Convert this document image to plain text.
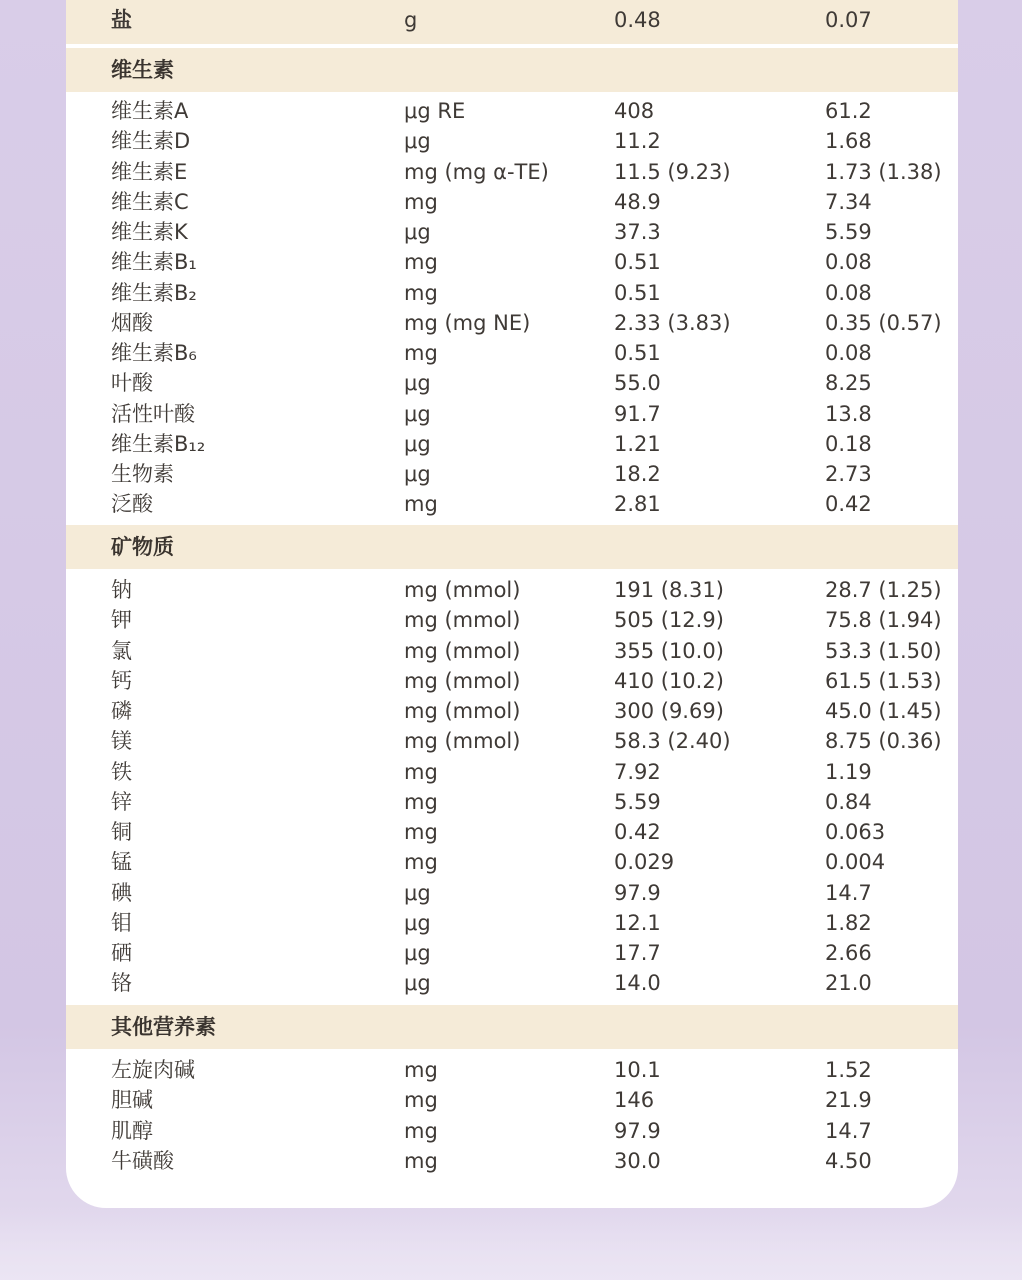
盐	g	0.48	0.07
维生素
维生素A	μg RE	408	61.2
维生素D	μg	11.2	1.68
维生素E	mg (mg α-TE)	11.5 (9.23)	1.73 (1.38)
维生素C	mg	48.9	7.34
维生素K	μg	37.3	5.59
维生素B₁	mg	0.51	0.08
维生素B₂	mg	0.51	0.08
烟酸	mg (mg NE)	2.33 (3.83)	0.35 (0.57)
维生素B₆	mg	0.51	0.08
叶酸	μg	55.0	8.25
活性叶酸	μg	91.7	13.8
维生素B₁₂	μg	1.21	0.18
生物素	μg	18.2	2.73
泛酸	mg	2.81	0.42
矿物质
钠	mg (mmol)	191 (8.31)	28.7 (1.25)
钾	mg (mmol)	505 (12.9)	75.8 (1.94)
氯	mg (mmol)	355 (10.0)	53.3 (1.50)
钙	mg (mmol)	410 (10.2)	61.5 (1.53)
磷	mg (mmol)	300 (9.69)	45.0 (1.45)
镁	mg (mmol)	58.3 (2.40)	8.75 (0.36)
铁	mg	7.92	1.19
锌	mg	5.59	0.84
铜	mg	0.42	0.063
锰	mg	0.029	0.004
碘	μg	97.9	14.7
钼	μg	12.1	1.82
硒	μg	17.7	2.66
铬	μg	14.0	21.0
其他营养素
左旋肉碱	mg	10.1	1.52
胆碱	mg	146	21.9
肌醇	mg	97.9	14.7
牛磺酸	mg	30.0	4.50
